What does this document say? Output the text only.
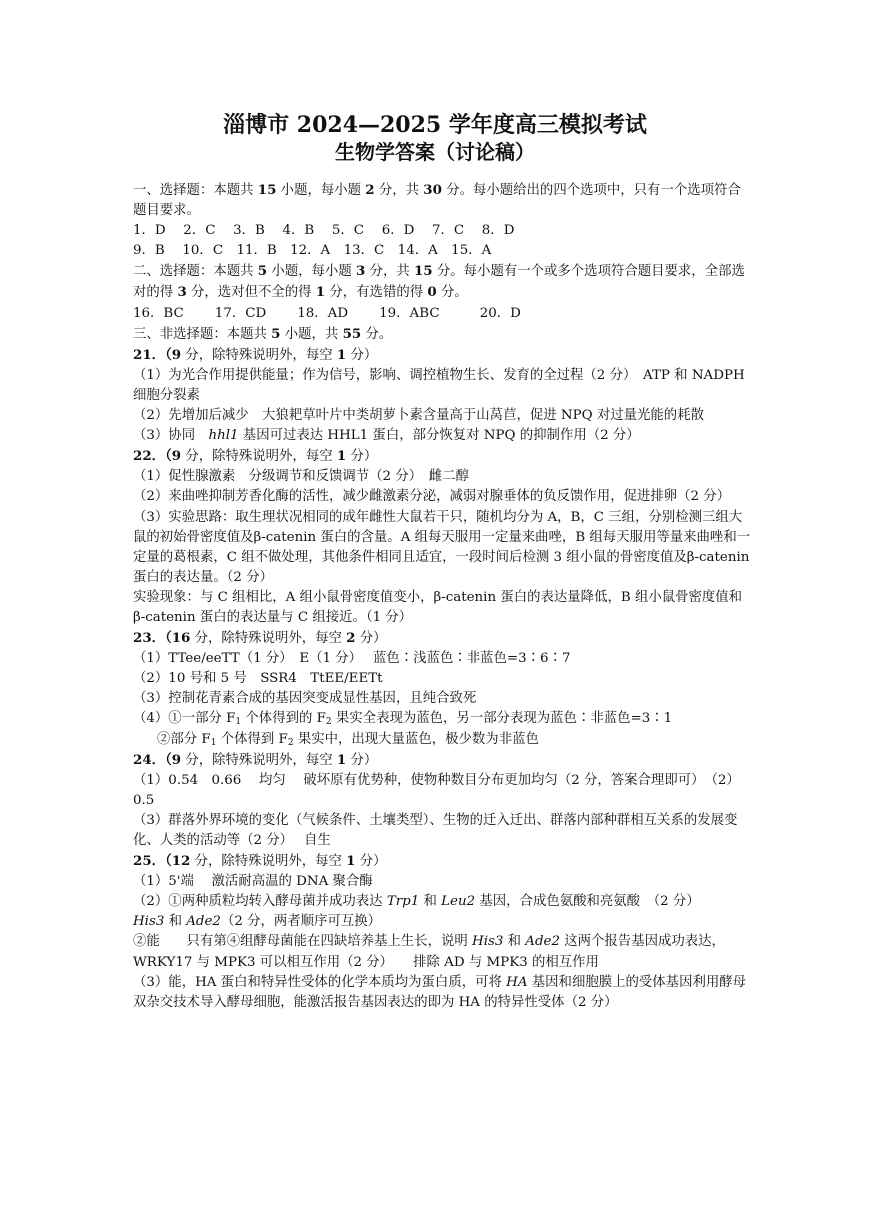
淄博市 2024—2025 学年度高三模拟考试
生物学答案（讨论稿）
一、选择题：本题共 15 小题，每小题 2 分，共 30 分。每小题给出的四个选项中，只有一个选项符合题目要求。
1．D　 2．C　 3．B　 4．B　 5．C　 6．D　 7．C　 8．D
9．B　 10．C　11．B　12．A　13．C　14．A　15．A
二、选择题：本题共 5 小题，每小题 3 分，共 15 分。每小题有一个或多个选项符合题目要求，全部选对的得 3 分，选对但不全的得 1 分，有选错的得 0 分。
16．BC　　 17．CD　　 18．AD　　 19．ABC　　　20．D
三、非选择题：本题共 5 小题，共 55 分。
21．（9 分，除特殊说明外，每空 1 分）
（1）为光合作用提供能量；作为信号，影响、调控植物生长、发育的全过程（2 分）　ATP 和 NADPH　细胞分裂素
（2）先增加后减少　大狼耙草叶片中类胡萝卜素含量高于山莴苣，促进 NPQ 对过量光能的耗散
（3）协同　hhl1 基因可过表达 HHL1 蛋白，部分恢复对 NPQ 的抑制作用（2 分）
22．（9 分，除特殊说明外，每空 1 分）
（1）促性腺激素　分级调节和反馈调节（2 分）　雌二醇
（2）来曲唑抑制芳香化酶的活性，减少雌激素分泌，减弱对腺垂体的负反馈作用，促进排卵（2 分）
（3）实验思路：取生理状况相同的成年雌性大鼠若干只，随机均分为 A，B，C 三组，分别检测三组大鼠的初始骨密度值及β-catenin 蛋白的含量。A 组每天服用一定量来曲唑，B 组每天服用等量来曲唑和一定量的葛根素，C 组不做处理，其他条件相同且适宜，一段时间后检测 3 组小鼠的骨密度值及β-catenin 蛋白的表达量。（2 分）
实验现象：与 C 组相比，A 组小鼠骨密度值变小，β-catenin 蛋白的表达量降低，B 组小鼠骨密度值和β-catenin 蛋白的表达量与 C 组接近。（1 分）
23．（16 分，除特殊说明外，每空 2 分）
（1）TTee/eeTT（1 分）　E（1 分）　 蓝色∶浅蓝色∶非蓝色=3∶6∶7
（2）10 号和 5 号　SSR4　TtEE/EETt
（3）控制花青素合成的基因突变成显性基因，且纯合致死
（4）①一部分 $F_1$ 个体得到的 $F_2$ 果实全表现为蓝色，另一部分表现为蓝色∶非蓝色=3∶1
②部分 $F_1$ 个体得到 $F_2$ 果实中，出现大量蓝色，极少数为非蓝色
24．（9 分，除特殊说明外，每空 1 分）
（1）0.54　0.66　 均匀　 破坏原有优势种，使物种数目分布更加均匀（2 分，答案合理即可）　（2）0.5
（3）群落外界环境的变化（气候条件、土壤类型）、生物的迁入迁出、群落内部种群相互关系的发展变化、人类的活动等（2 分）　 自生
25．（12 分，除特殊说明外，每空 1 分）
（1）5'端　 激活耐高温的 DNA 聚合酶
（2）①两种质粒均转入酵母菌并成功表达 Trp1 和 Leu2 基因，合成色氨酸和亮氨酸　（2 分）
His3 和 Ade2（2 分，两者顺序可互换）
②能　　只有第④组酵母菌能在四缺培养基上生长，说明 His3 和 Ade2 这两个报告基因成功表达，WRKY17 与 MPK3 可以相互作用（2 分）　　排除 AD 与 MPK3 的相互作用
（3）能，HA 蛋白和特异性受体的化学本质均为蛋白质，可将 HA 基因和细胞膜上的受体基因利用酵母双杂交技术导入酵母细胞，能激活报告基因表达的即为 HA 的特异性受体（2 分）
